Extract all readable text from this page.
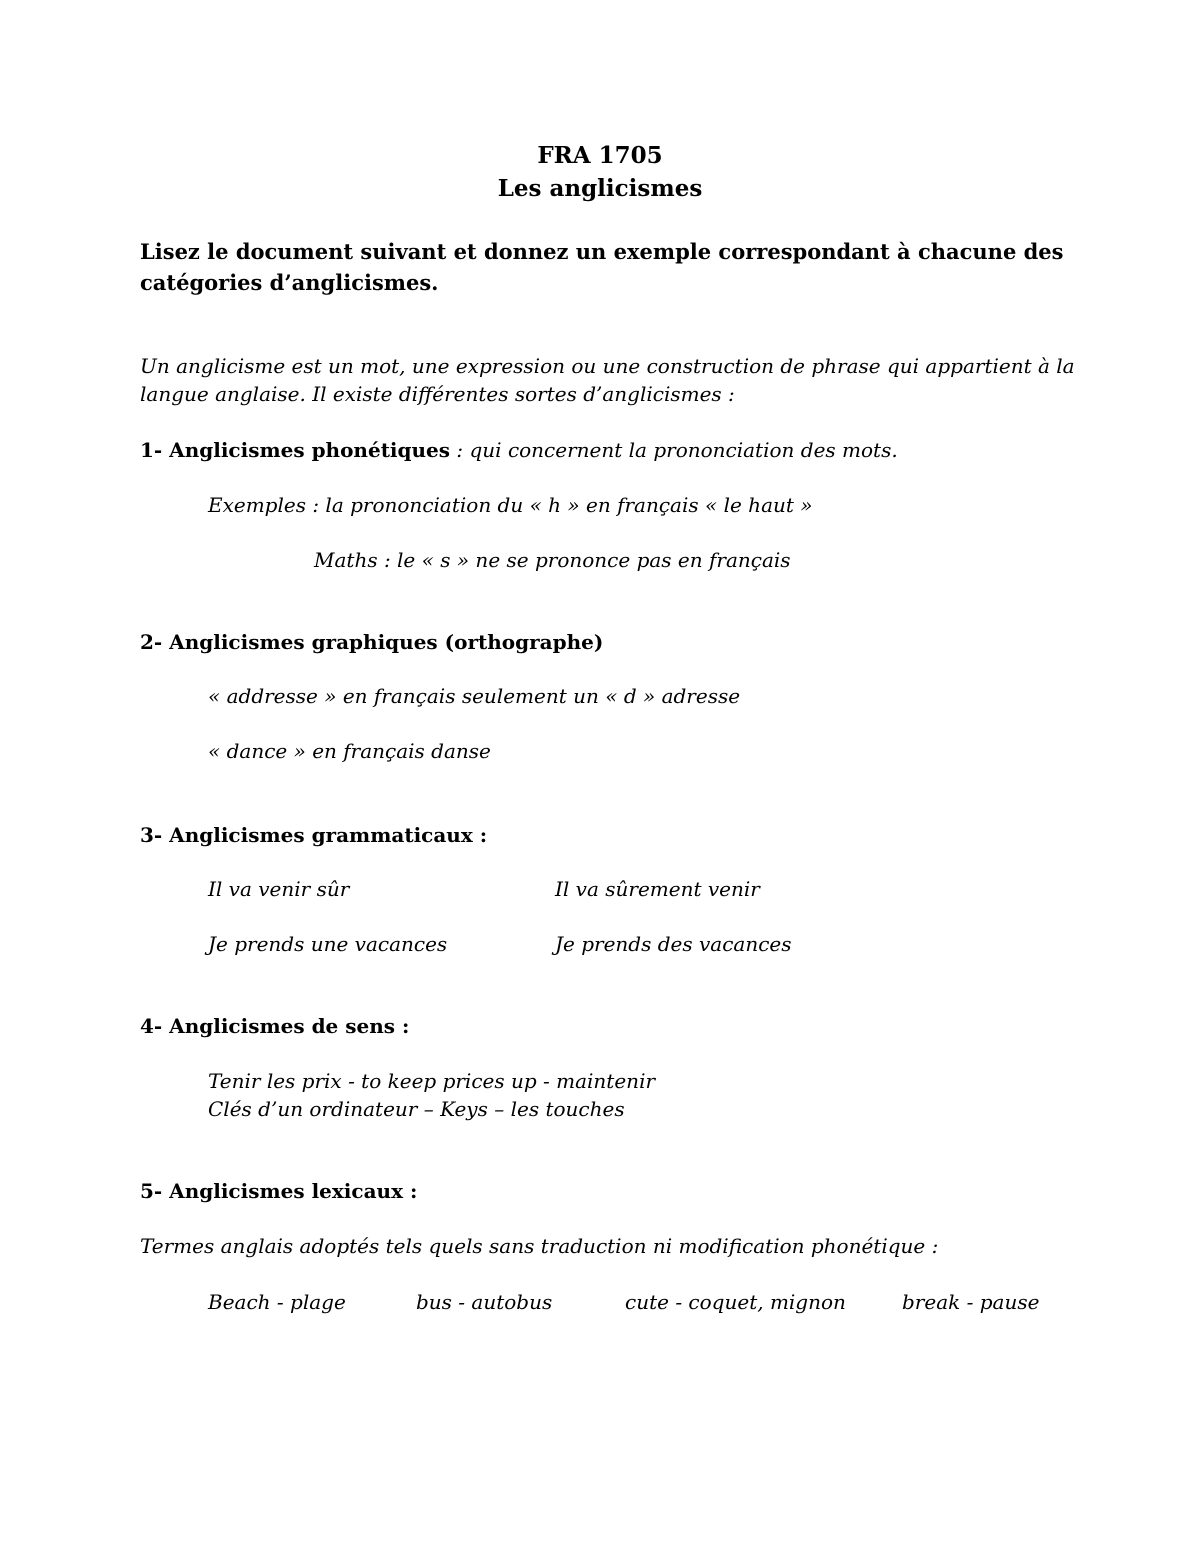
FRA 1705
Les anglicismes
Lisez le document suivant et donnez un exemple correspondant à chacune des
catégories d’anglicismes.
Un anglicisme est un mot, une expression ou une construction de phrase qui appartient à la
langue anglaise. Il existe différentes sortes d’anglicismes :
1- Anglicismes phonétiques : qui concernent la prononciation des mots.
Exemples : la prononciation du « h » en français « le haut »
Maths : le « s » ne se prononce pas en français
2- Anglicismes graphiques (orthographe)
« addresse » en français seulement un « d » adresse
« dance » en français danse
3- Anglicismes grammaticaux :
Il va venir sûr	Il va sûrement venir
Je prends une vacances	Je prends des vacances
4- Anglicismes de sens :
Tenir les prix - to keep prices up - maintenir
Clés d’un ordinateur – Keys – les touches
5- Anglicismes lexicaux :
Termes anglais adoptés tels quels sans traduction ni modification phonétique :
Beach - plage	bus - autobus	cute - coquet, mignon	break - pause
